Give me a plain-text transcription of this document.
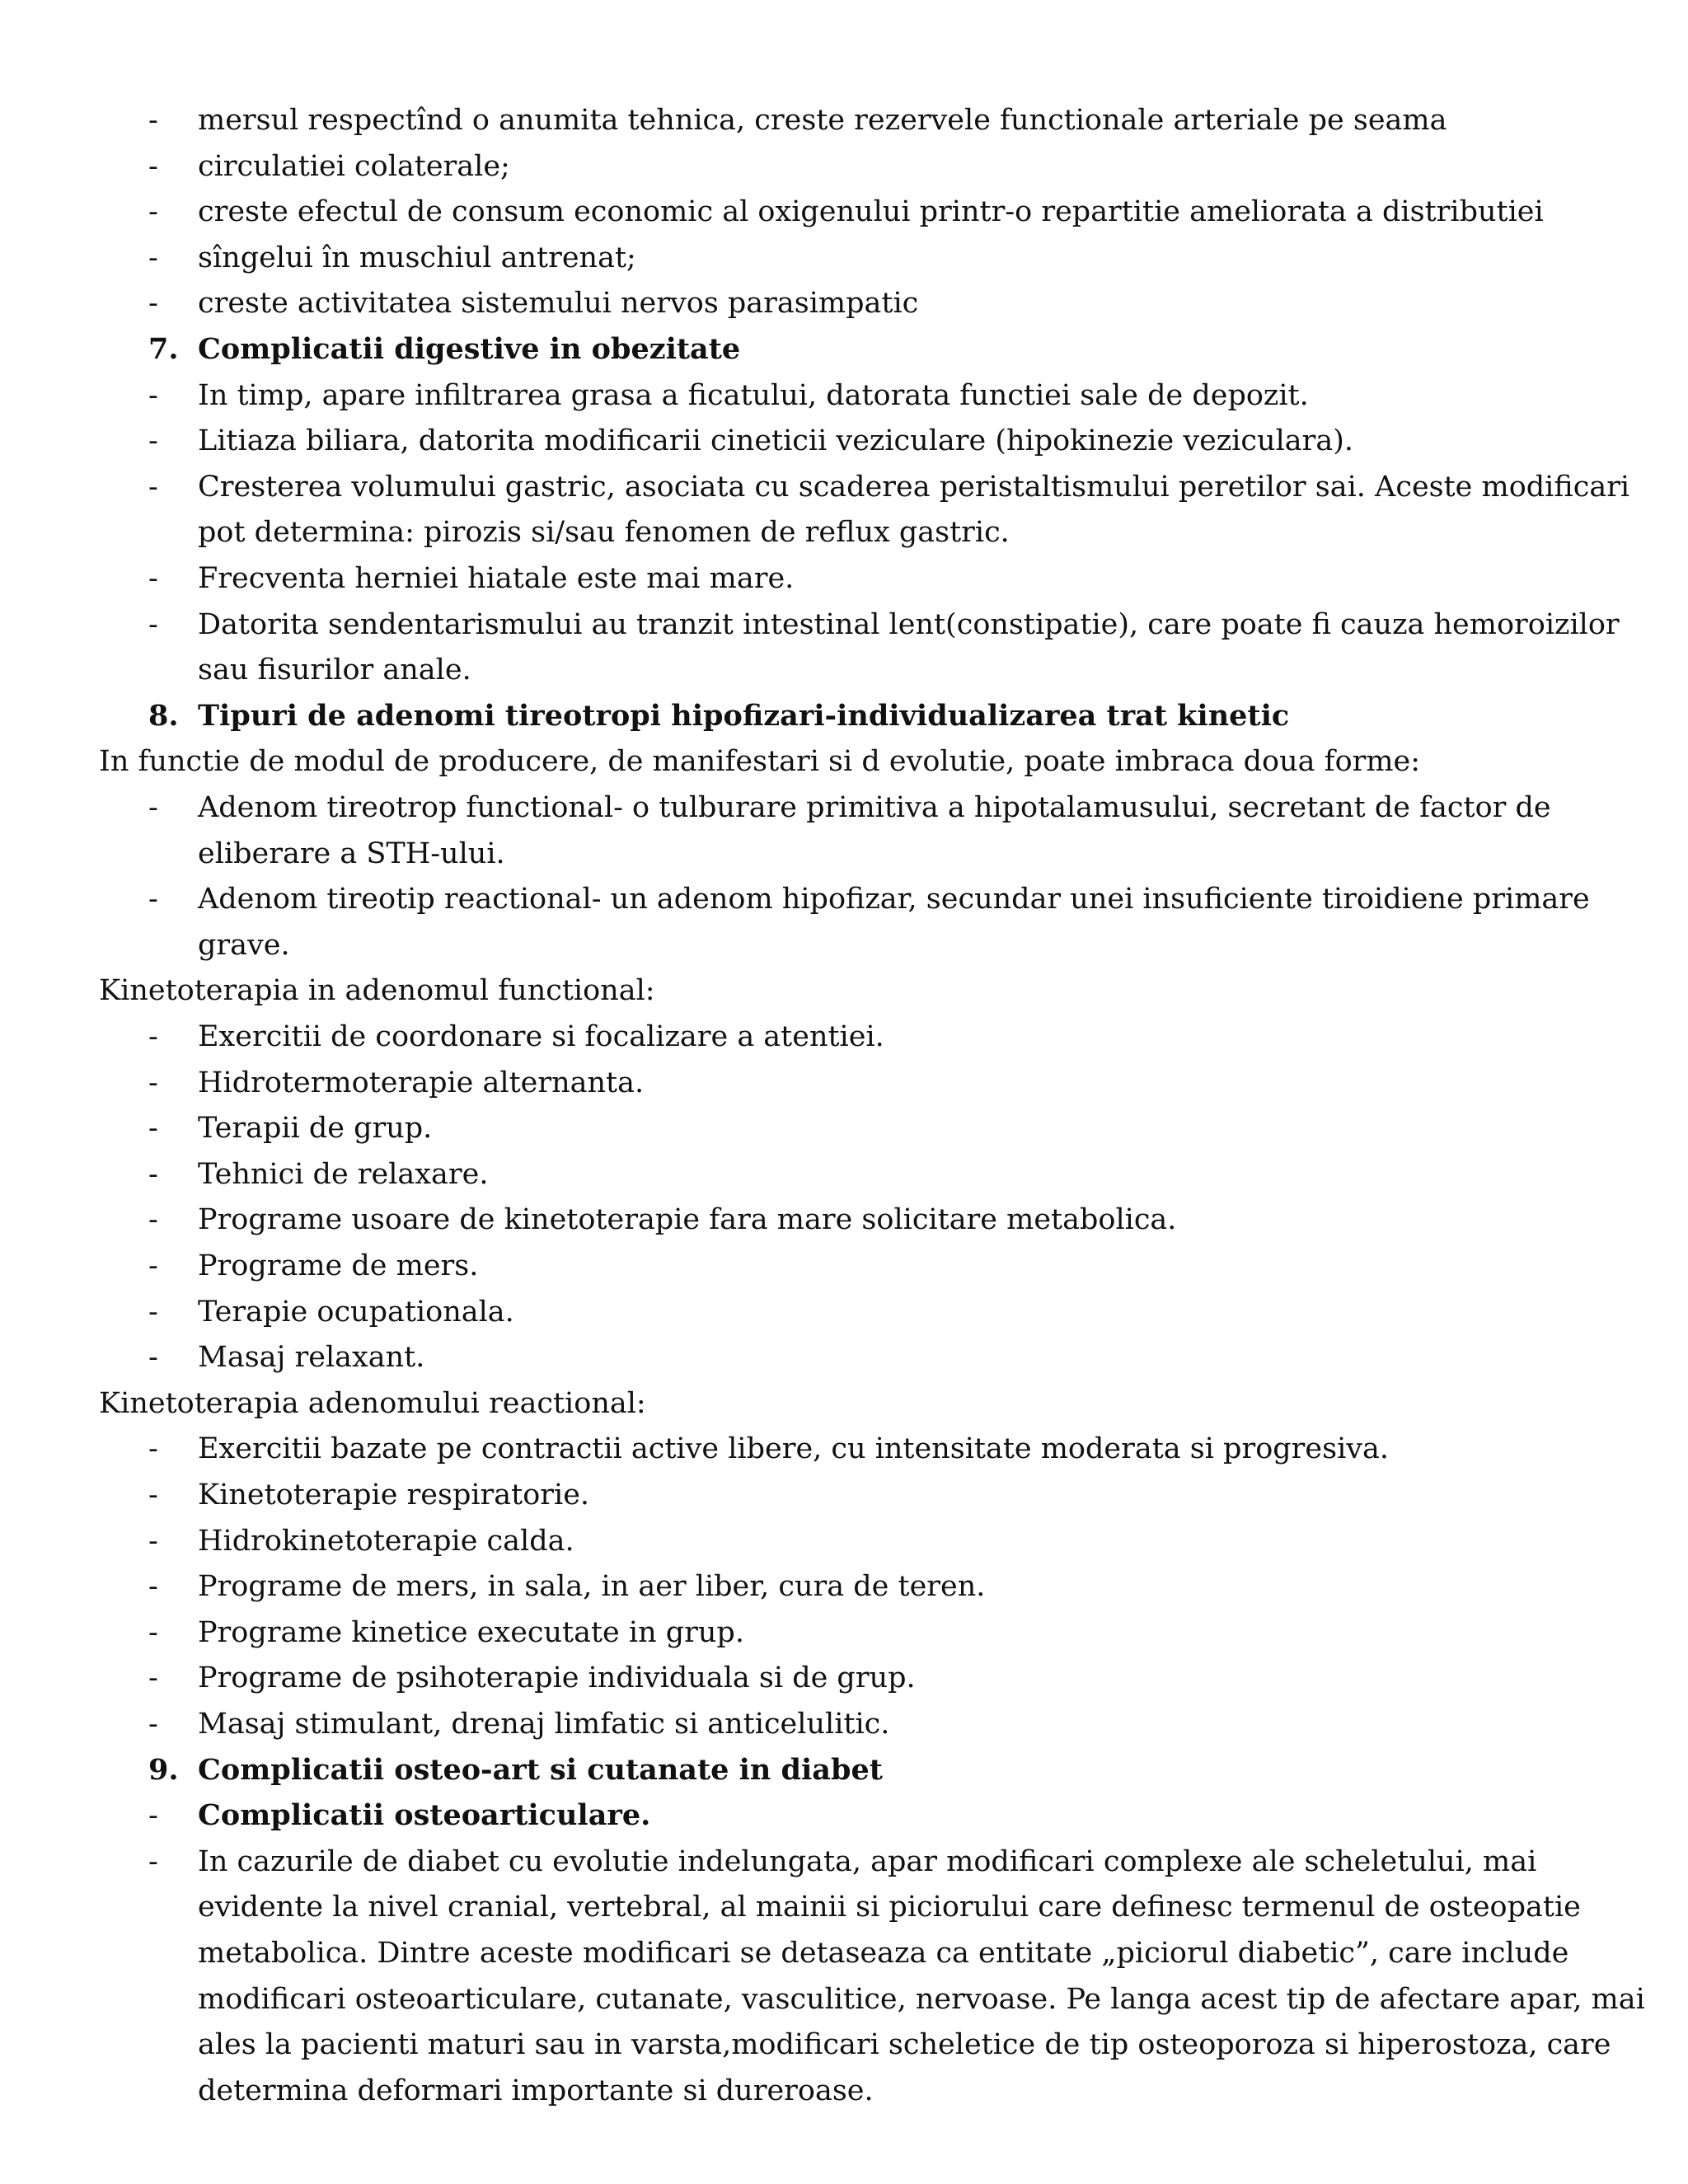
-	mersul respectînd o anumita tehnica, creste rezervele functionale arteriale pe seama
-	circulatiei colaterale;
-	creste efectul de consum economic al oxigenului printr-o repartitie ameliorata a distributiei
-	sîngelui în muschiul antrenat;
-	creste activitatea sistemului nervos parasimpatic
7. Complicatii digestive in obezitate
-	In timp, apare infiltrarea grasa a ficatului, datorata functiei sale de depozit.
-	Litiaza biliara, datorita modificarii cineticii veziculare (hipokinezie veziculara).
-	Cresterea volumului gastric, asociata cu scaderea peristaltismului peretilor sai. Aceste modificari
pot determina: pirozis si/sau fenomen de reflux gastric.
-	Frecventa herniei hiatale este mai mare.
-	Datorita sendentarismului au tranzit intestinal lent(constipatie), care poate fi cauza hemoroizilor
sau fisurilor anale.
8. Tipuri de adenomi tireotropi hipofizari-individualizarea trat kinetic
In functie de modul de producere, de manifestari si d evolutie, poate imbraca doua forme:
-	Adenom tireotrop functional- o tulburare primitiva a hipotalamusului, secretant de factor de
eliberare a STH-ului.
-	Adenom tireotip reactional- un adenom hipofizar, secundar unei insuficiente tiroidiene primare
grave.
Kinetoterapia in adenomul functional:
-	Exercitii de coordonare si focalizare a atentiei.
-	Hidrotermoterapie alternanta.
-	Terapii de grup.
-	Tehnici de relaxare.
-	Programe usoare de kinetoterapie fara mare solicitare metabolica.
-	Programe de mers.
-	Terapie ocupationala.
-	Masaj relaxant.
Kinetoterapia adenomului reactional:
-	Exercitii bazate pe contractii active libere, cu intensitate moderata si progresiva.
-	Kinetoterapie respiratorie.
-	Hidrokinetoterapie calda.
-	Programe de mers, in sala, in aer liber, cura de teren.
-	Programe kinetice executate in grup.
-	Programe de psihoterapie individuala si de grup.
-	Masaj stimulant, drenaj limfatic si anticelulitic.
9. Complicatii osteo-art si cutanate in diabet
-	Complicatii osteoarticulare.
-	In cazurile de diabet cu evolutie indelungata, apar modificari complexe ale scheletului, mai
evidente la nivel cranial, vertebral, al mainii si piciorului care definesc termenul de osteopatie
metabolica. Dintre aceste modificari se detaseaza ca entitate „piciorul diabetic”, care include
modificari osteoarticulare, cutanate, vasculitice, nervoase. Pe langa acest tip de afectare apar, mai
ales la pacienti maturi sau in varsta,modificari scheletice de tip osteoporoza si hiperostoza, care
determina deformari importante si dureroase.
